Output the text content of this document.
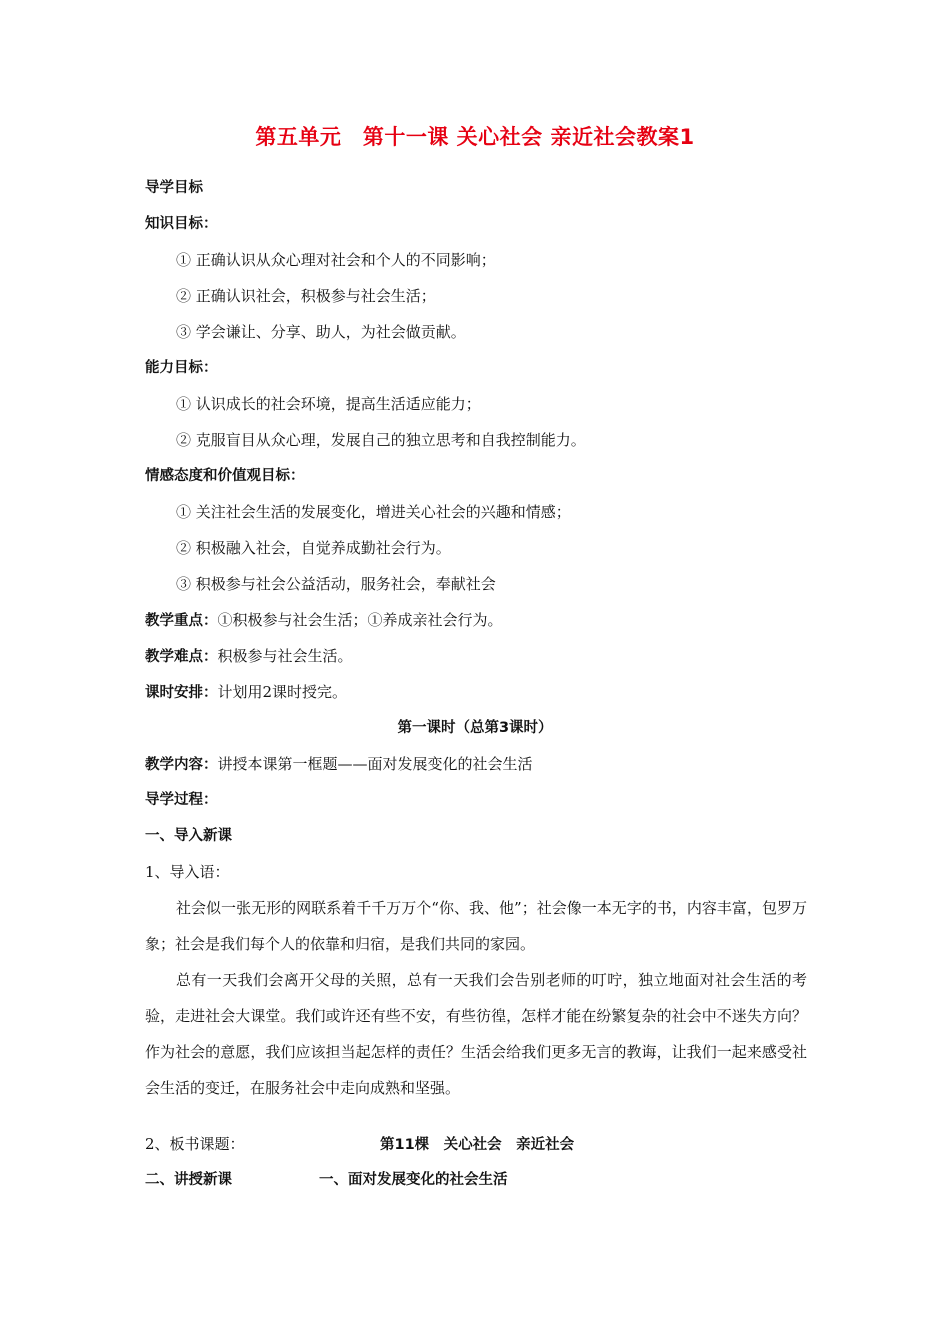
第五单元　第十一课 关心社会 亲近社会教案1
导学目标
知识目标：
① 正确认识从众心理对社会和个人的不同影响；
② 正确认识社会，积极参与社会生活；
③ 学会谦让、分享、助人，为社会做贡献。
能力目标：
① 认识成长的社会环境，提高生活适应能力；
② 克服盲目从众心理，发展自己的独立思考和自我控制能力。
情感态度和价值观目标：
① 关注社会生活的发展变化，增进关心社会的兴趣和情感；
② 积极融入社会，自觉养成勤社会行为。
③ 积极参与社会公益活动，服务社会，奉献社会
教学重点：①积极参与社会生活；①养成亲社会行为。
教学难点：积极参与社会生活。
课时安排：计划用2课时授完。
第一课时（总第3课时）
教学内容：讲授本课第一框题——面对发展变化的社会生活
导学过程：
一、导入新课
1、导入语：
社会似一张无形的网联系着千千万万个“你、我、他”；社会像一本无字的书，内容丰富，包罗万象；社会是我们每个人的依靠和归宿，是我们共同的家园。
总有一天我们会离开父母的关照，总有一天我们会告别老师的叮咛，独立地面对社会生活的考验，走进社会大课堂。我们或许还有些不安，有些彷徨，怎样才能在纷繁复杂的社会中不迷失方向？作为社会的意愿，我们应该担当起怎样的责任？生活会给我们更多无言的教诲，让我们一起来感受社会生活的变迁，在服务社会中走向成熟和坚强。
2、板书课题：	第11棵　关心社会　亲近社会
二、讲授新课	一、面对发展变化的社会生活
